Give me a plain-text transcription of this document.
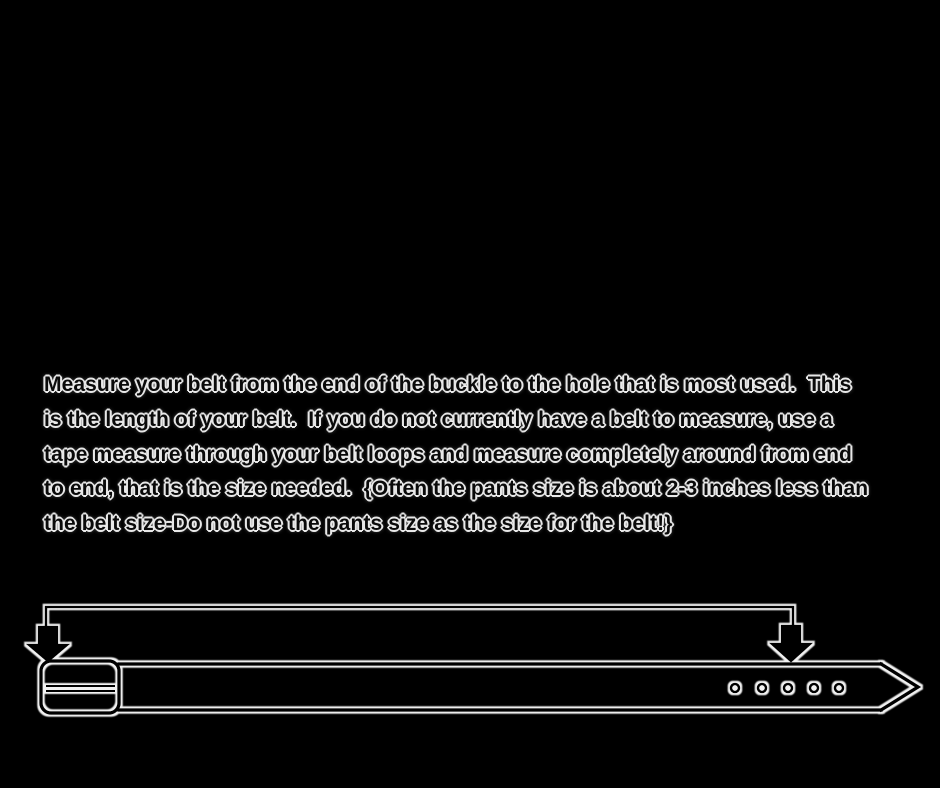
Measure your belt from the end of the buckle to the hole that is most used.  This
is the length of your belt.  If you do not currently have a belt to measure, use a
tape measure through your belt loops and measure completely around from end
to end, that is the size needed.  {Often the pants size is about 2-3 inches less than
the belt size-Do not use the pants size as the size for the belt!}
